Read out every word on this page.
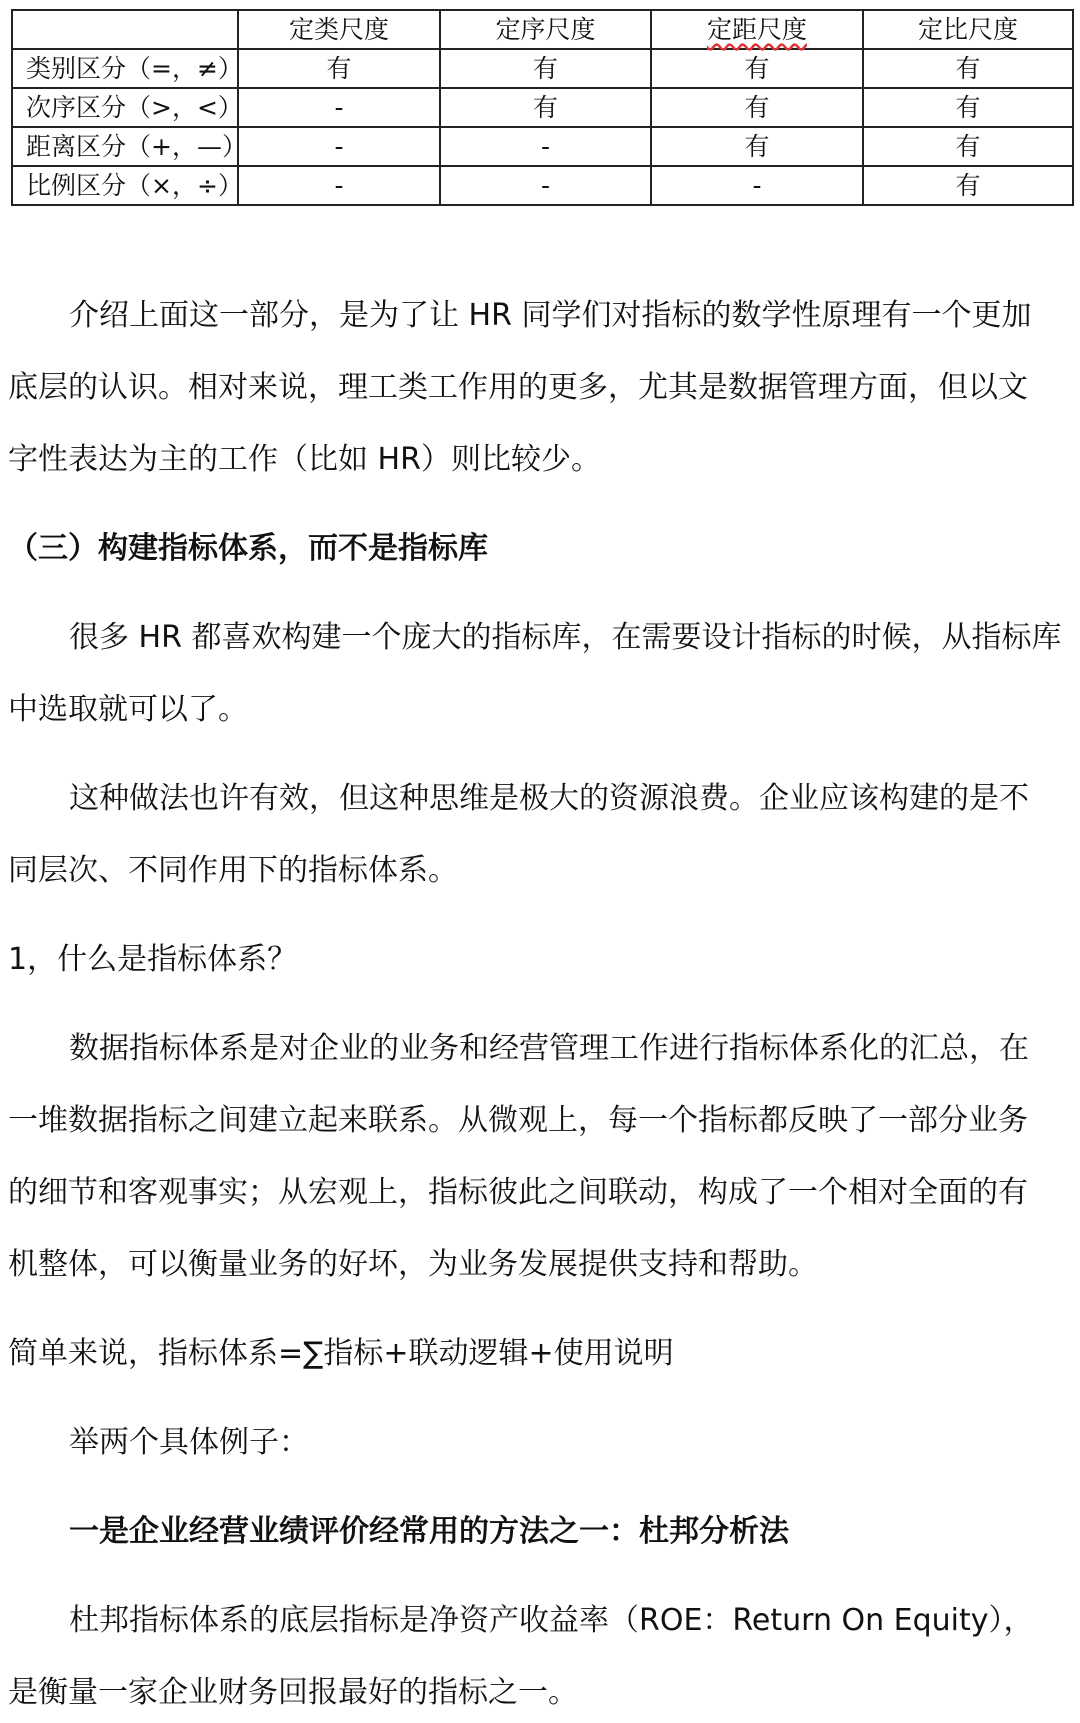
	定类尺度	定序尺度	定距尺度	定比尺度
类别区分（=，≠）	有	有	有	有
次序区分（>，<）	-	有	有	有
距离区分（+，—）	-	-	有	有
比例区分（×，÷）	-	-	-	有

介绍上面这一部分，是为了让 HR 同学们对指标的数学性原理有一个更加

底层的认识。相对来说，理工类工作用的更多，尤其是数据管理方面，但以文

字性表达为主的工作（比如 HR）则比较少。

（三）构建指标体系，而不是指标库

很多 HR 都喜欢构建一个庞大的指标库，在需要设计指标的时候，从指标库

中选取就可以了。

这种做法也许有效，但这种思维是极大的资源浪费。企业应该构建的是不

同层次、不同作用下的指标体系。

1，什么是指标体系？

数据指标体系是对企业的业务和经营管理工作进行指标体系化的汇总，在

一堆数据指标之间建立起来联系。从微观上，每一个指标都反映了一部分业务

的细节和客观事实；从宏观上，指标彼此之间联动，构成了一个相对全面的有

机整体，可以衡量业务的好坏，为业务发展提供支持和帮助。

简单来说，指标体系=∑指标+联动逻辑+使用说明

举两个具体例子：

一是企业经营业绩评价经常用的方法之一：杜邦分析法

杜邦指标体系的底层指标是净资产收益率（ROE：Return On Equity），

是衡量一家企业财务回报最好的指标之一。
